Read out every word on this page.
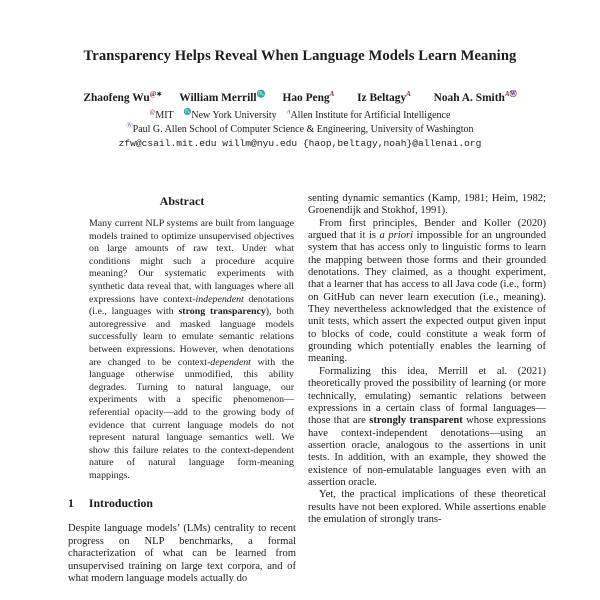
Transparency Helps Reveal When Language Models Learn Meaning
Zhaofeng Wu@∗    William Merrill♏    Hao Peng$^A$    Iz Beltagy$^A$    Noah A. Smith$^{AⓌ}$
@MIT   ♏New York University   $^A$Allen Institute for Artificial Intelligence
ⓌPaul G. Allen School of Computer Science & Engineering, University of Washington
zfw@csail.mit.edu willm@nyu.edu {haop,beltagy,noah}@allenai.org
Abstract

Many current NLP systems are built from language models trained to optimize unsupervised objectives on large amounts of raw text. Under what conditions might such a procedure acquire meaning? Our systematic experiments with synthetic data reveal that, with languages where all expressions have context-independent denotations (i.e., languages with strong transparency), both autoregressive and masked language models successfully learn to emulate semantic relations between expressions. However, when denotations are changed to be context-dependent with the language otherwise unmodified, this ability degrades. Turning to natural language, our experiments with a specific phenomenon—referential opacity—add to the growing body of evidence that current language models do not represent natural language semantics well. We show this failure relates to the context-dependent nature of natural language form-meaning mappings.

1 Introduction

Despite language models’ (LMs) centrality to recent progress on NLP benchmarks, a formal characterization of what can be learned from unsupervised training on large text corpora, and of what modern language models actually do

senting dynamic semantics (Kamp, 1981; Heim, 1982; Groenendijk and Stokhof, 1991).

From first principles, Bender and Koller (2020) argued that it is a priori impossible for an ungrounded system that has access only to linguistic forms to learn the mapping between those forms and their grounded denotations. They claimed, as a thought experiment, that a learner that has access to all Java code (i.e., form) on GitHub can never learn execution (i.e., meaning). They nevertheless acknowledged that the existence of unit tests, which assert the expected output given input to blocks of code, could constitute a weak form of grounding which potentially enables the learning of meaning.

Formalizing this idea, Merrill et al. (2021) theoretically proved the possibility of learning (or more technically, emulating) semantic relations between expressions in a certain class of formal languages—those that are strongly transparent whose expressions have context-independent denotations—using an assertion oracle, analogous to the assertions in unit tests. In addition, with an example, they showed the existence of non-emulatable languages even with an assertion oracle.

Yet, the practical implications of these theoretical results have not been explored. While assertions enable the emulation of strongly trans-
